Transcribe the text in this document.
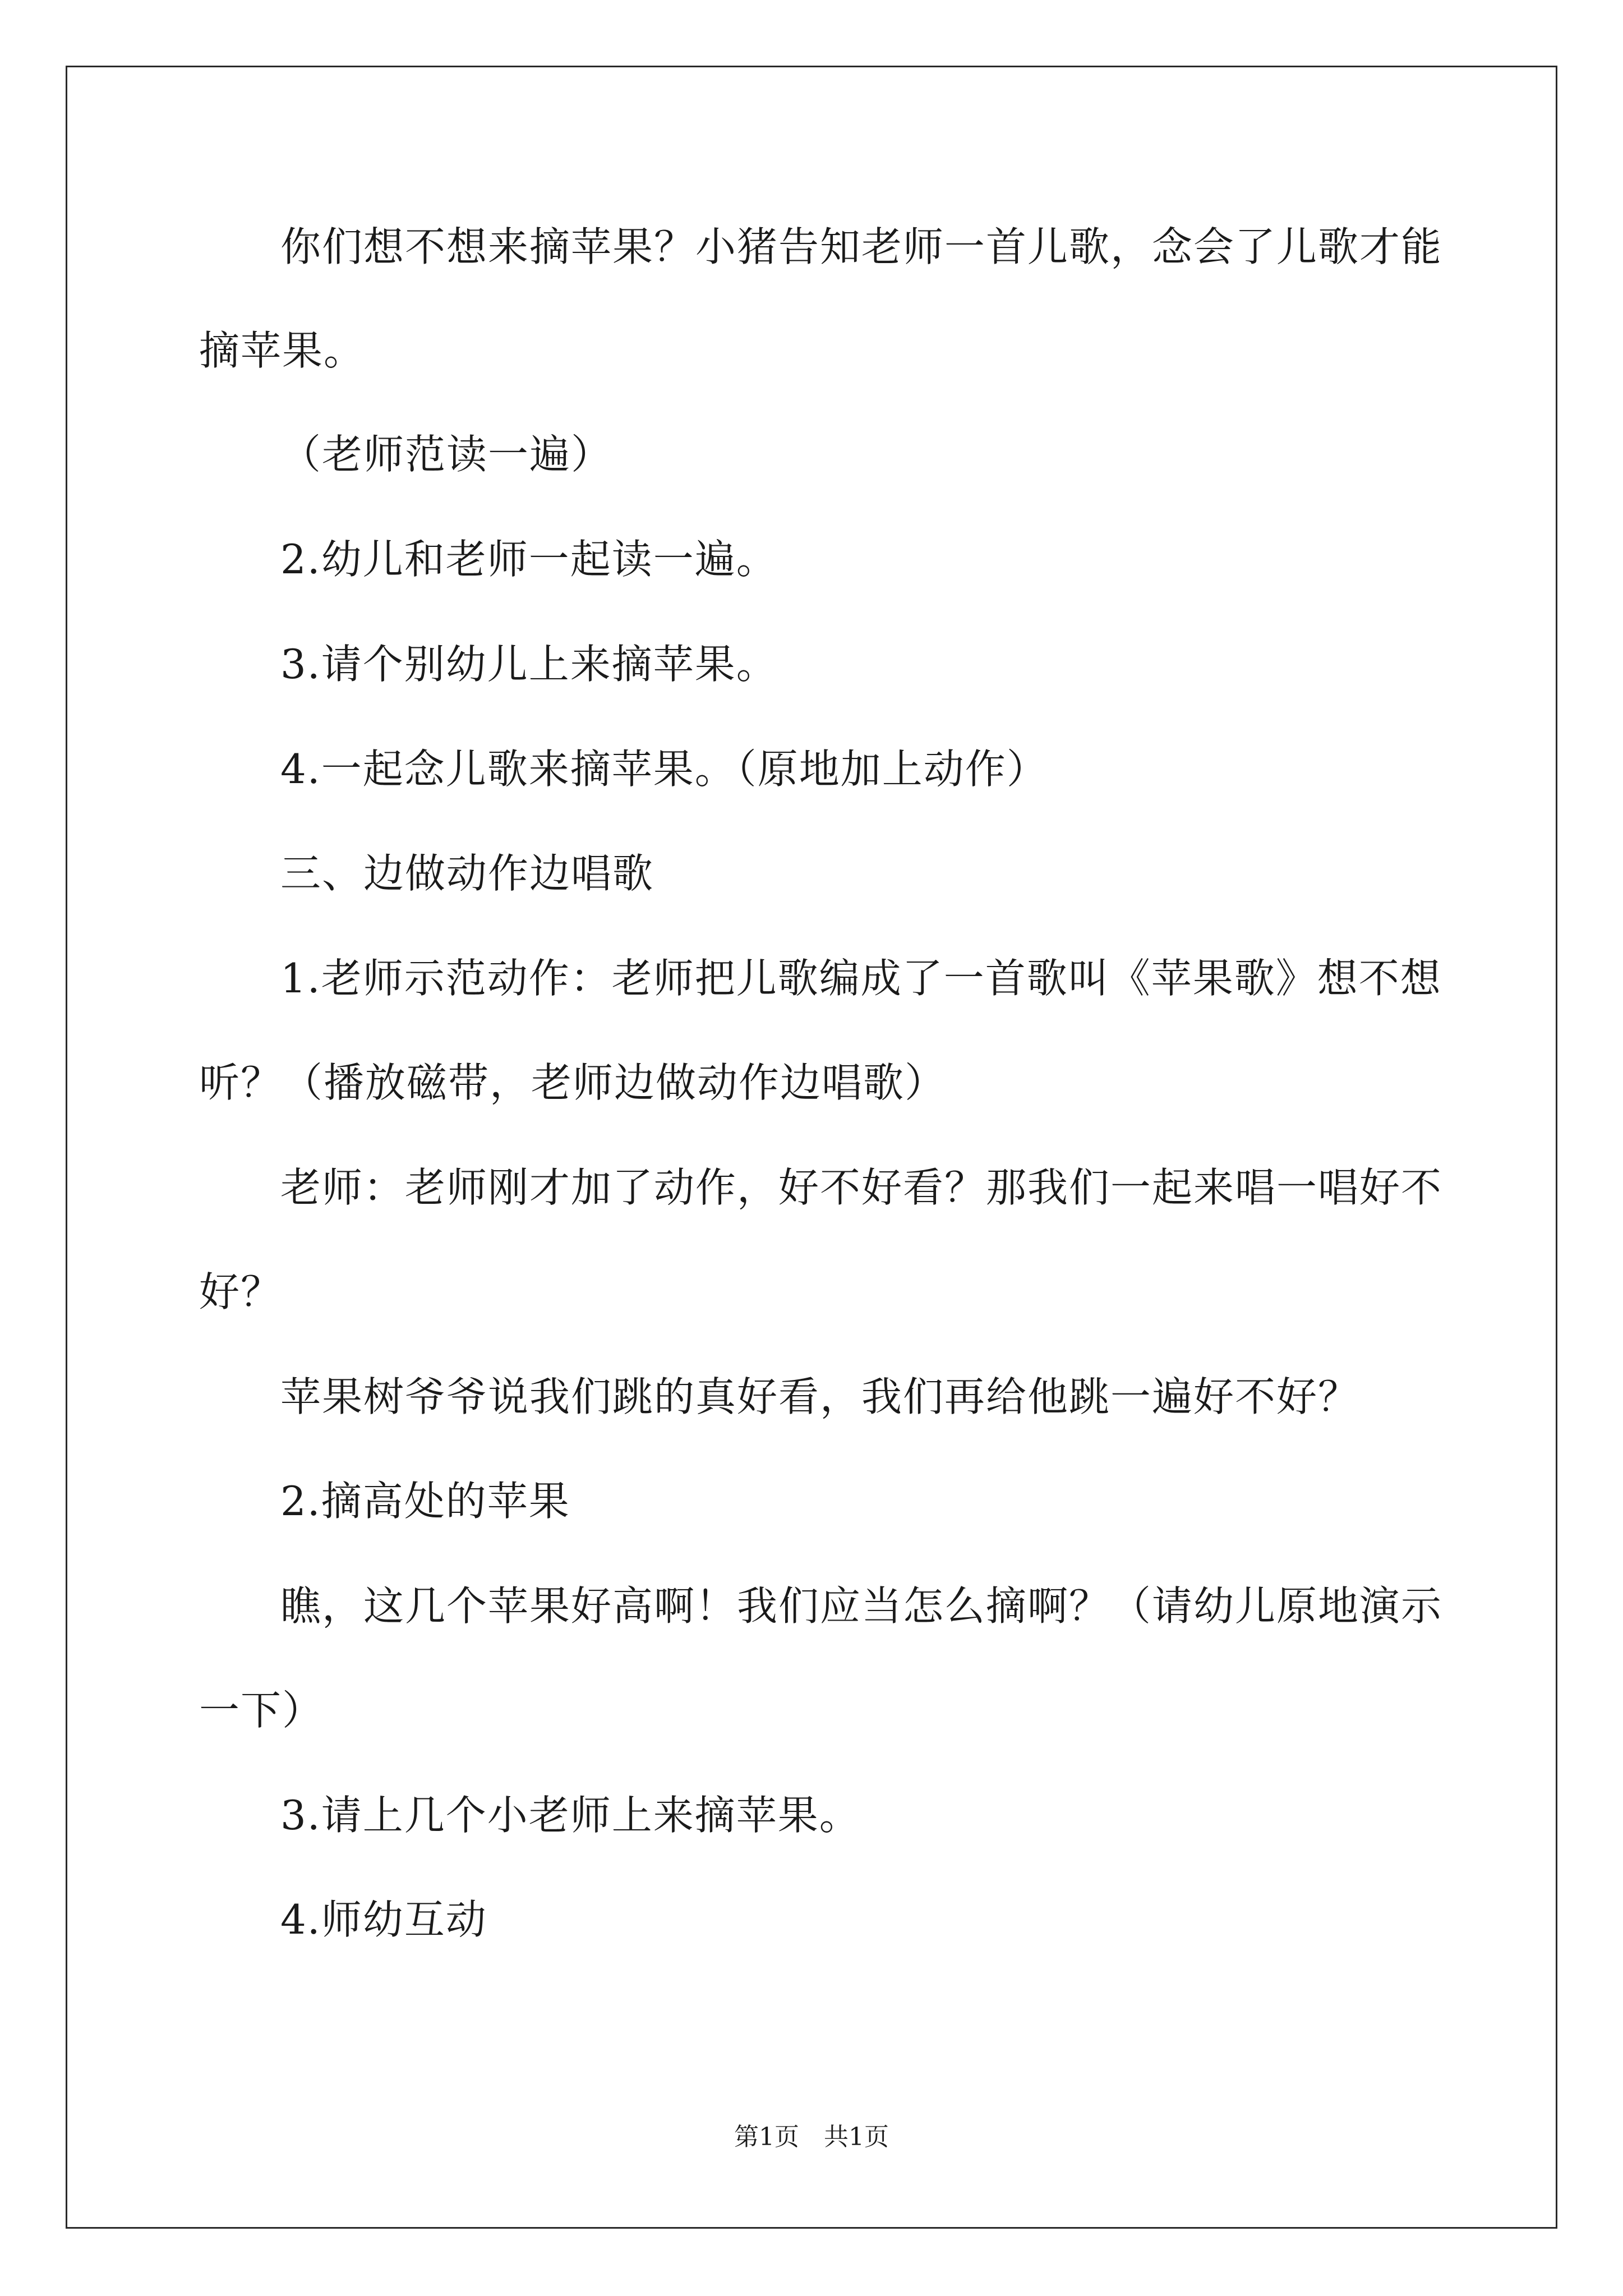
你们想不想来摘苹果？小猪告知老师一首儿歌，念会了儿歌才能
摘苹果。
（老师范读一遍）
2.幼儿和老师一起读一遍。
3.请个别幼儿上来摘苹果。
4.一起念儿歌来摘苹果。（原地加上动作）
三、边做动作边唱歌
1.老师示范动作：老师把儿歌编成了一首歌叫《苹果歌》想不想
听？（播放磁带，老师边做动作边唱歌）
老师：老师刚才加了动作，好不好看？那我们一起来唱一唱好不
好？
苹果树爷爷说我们跳的真好看，我们再给他跳一遍好不好？
2.摘高处的苹果
瞧，这几个苹果好高啊！我们应当怎么摘啊？（请幼儿原地演示
一下）
3.请上几个小老师上来摘苹果。
4.师幼互动
第1页　共1页
